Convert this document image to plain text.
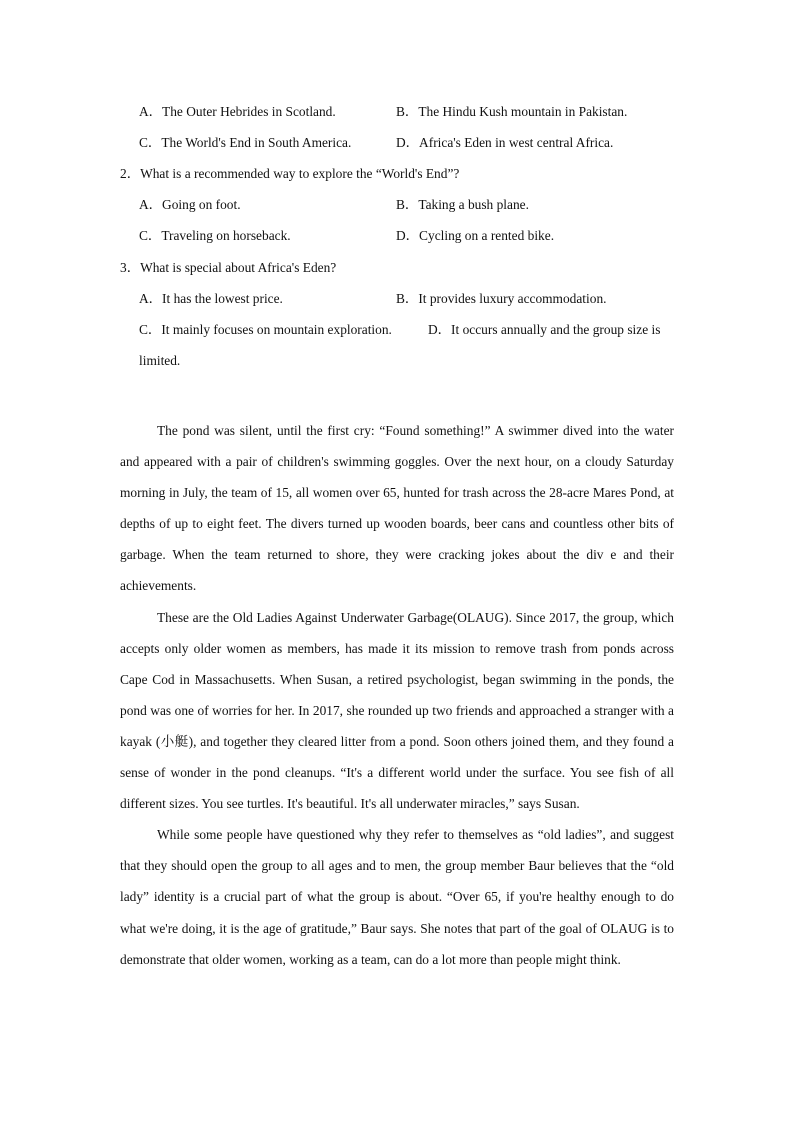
A．The Outer Hebrides in Scotland.	B．The Hindu Kush mountain in Pakistan.
C．The World's End in South America.	D．Africa's Eden in west central Africa.
2．What is a recommended way to explore the “World's End”?
A．Going on foot.	B．Taking a bush plane.
C．Traveling on horseback.	D．Cycling on a rented bike.
3．What is special about Africa's Eden?
A．It has the lowest price.	B．It provides luxury accommodation.
C．It mainly focuses on mountain exploration.	D．It occurs annually and the group size is
limited.

The pond was silent, until the first cry: “Found something!” A swimmer dived into the water and appeared with a pair of children's swimming goggles. Over the next hour, on a cloudy Saturday morning in July, the team of 15, all women over 65, hunted for trash across the 28-acre Mares Pond, at depths of up to eight feet. The divers turned up wooden boards, beer cans and countless other bits of garbage. When the team returned to shore, they were cracking jokes about the div e and their achievements.

These are the Old Ladies Against Underwater Garbage(OLAUG). Since 2017, the group, which accepts only older women as members, has made it its mission to remove trash from ponds across Cape Cod in Massachusetts. When Susan, a retired psychologist, began swimming in the ponds, the pond was one of worries for her. In 2017, she rounded up two friends and approached a stranger with a kayak (小艇), and together they cleared litter from a pond. Soon others joined them, and they found a sense of wonder in the pond cleanups. “It's a different world under the surface. You see fish of all different sizes. You see turtles. It's beautiful. It's all underwater miracles,” says Susan.

While some people have questioned why they refer to themselves as “old ladies”, and suggest that they should open the group to all ages and to men, the group member Baur believes that the “old lady” identity is a crucial part of what the group is about. “Over 65, if you're healthy enough to do what we're doing, it is the age of gratitude,” Baur says. She notes that part of the goal of OLAUG is to demonstrate that older women, working as a team, can do a lot more than people might think.
